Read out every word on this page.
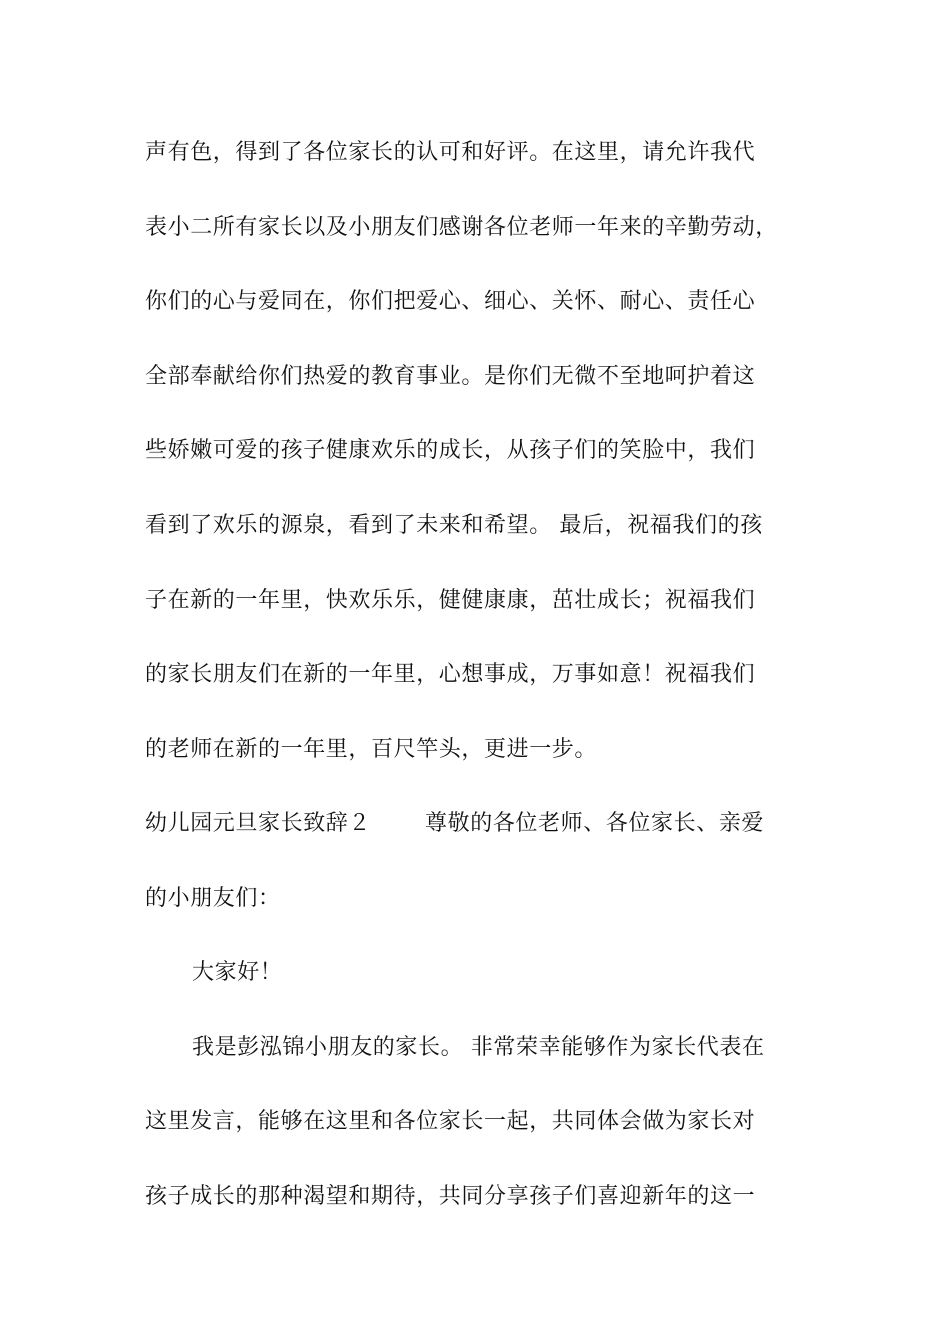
声有色，得到了各位家长的认可和好评。在这里，请允许我代
表小二所有家长以及小朋友们感谢各位老师一年来的辛勤劳动，
你们的心与爱同在，你们把爱心、细心、关怀、耐心、责任心
全部奉献给你们热爱的教育事业。是你们无微不至地呵护着这
些娇嫩可爱的孩子健康欢乐的成长，从孩子们的笑脸中，我们
看到了欢乐的源泉，看到了未来和希望。 最后，祝福我们的孩
子在新的一年里，快欢乐乐，健健康康，茁壮成长；祝福我们
的家长朋友们在新的一年里，心想事成，万事如意！祝福我们
的老师在新的一年里，百尺竿头，更进一步。
幼儿园元旦家长致辞２ 尊敬的各位老师、各位家长、亲爱
的小朋友们：
大家好！
我是彭泓锦小朋友的家长。 非常荣幸能够作为家长代表在
这里发言，能够在这里和各位家长一起，共同体会做为家长对
孩子成长的那种渴望和期待，共同分享孩子们喜迎新年的这一
